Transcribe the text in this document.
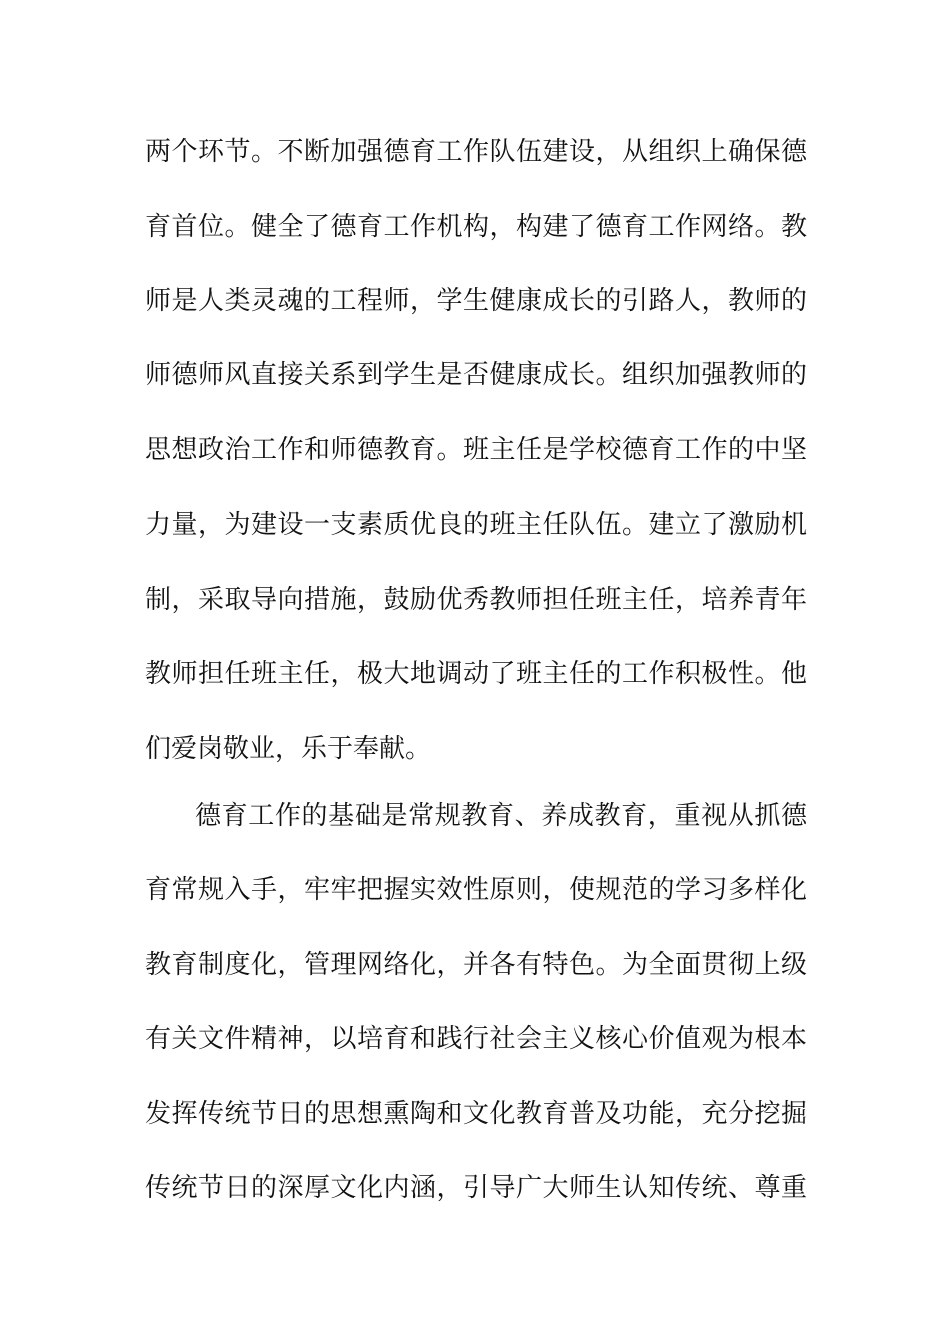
两个环节。不断加强德育工作队伍建设，从组织上确保德
育首位。健全了德育工作机构，构建了德育工作网络。教
师是人类灵魂的工程师，学生健康成长的引路人，教师的
师德师风直接关系到学生是否健康成长。组织加强教师的
思想政治工作和师德教育。班主任是学校德育工作的中坚
力量，为建设一支素质优良的班主任队伍。建立了激励机
制，采取导向措施，鼓励优秀教师担任班主任，培养青年
教师担任班主任，极大地调动了班主任的工作积极性。他
们爱岗敬业，乐于奉献。
德育工作的基础是常规教育、养成教育，重视从抓德
育常规入手，牢牢把握实效性原则，使规范的学习多样化
教育制度化，管理网络化，并各有特色。为全面贯彻上级
有关文件精神，以培育和践行社会主义核心价值观为根本
发挥传统节日的思想熏陶和文化教育普及功能，充分挖掘
传统节日的深厚文化内涵，引导广大师生认知传统、尊重
